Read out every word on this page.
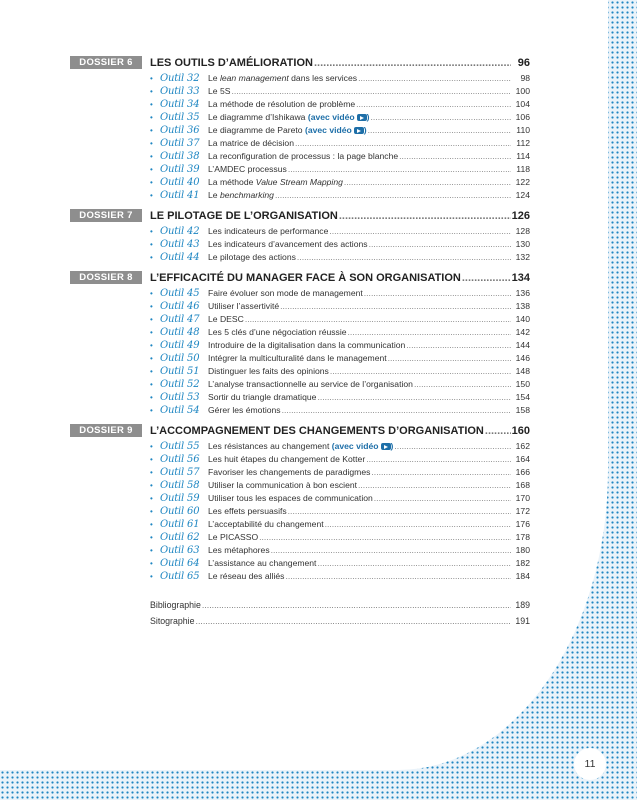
DOSSIER 6	LES OUTILS D’AMÉLIORATION .....	96
• Outil 32	Le lean management dans les services .....	98
• Outil 33	Le 5S .....	100
• Outil 34	La méthode de résolution de problème .....	104
• Outil 35	Le diagramme d’Ishikawa (avec vidéo ) .....	106
• Outil 36	Le diagramme de Pareto (avec vidéo ) .....	110
• Outil 37	La matrice de décision .....	112
• Outil 38	La reconfiguration de processus : la page blanche .....	114
• Outil 39	L’AMDEC processus .....	118
• Outil 40	La méthode Value Stream Mapping .....	122
• Outil 41	Le benchmarking .....	124
DOSSIER 7	LE PILOTAGE DE L’ORGANISATION .....	126
• Outil 42	Les indicateurs de performance .....	128
• Outil 43	Les indicateurs d’avancement des actions .....	130
• Outil 44	Le pilotage des actions .....	132
DOSSIER 8	L’EFFICACITÉ DU MANAGER FACE À SON ORGANISATION .....	134
• Outil 45	Faire évoluer son mode de management .....	136
• Outil 46	Utiliser l’assertivité .....	138
• Outil 47	Le DESC .....	140
• Outil 48	Les 5 clés d’une négociation réussie .....	142
• Outil 49	Introduire de la digitalisation dans la communication .....	144
• Outil 50	Intégrer la multiculturalité dans le management .....	146
• Outil 51	Distinguer les faits des opinions .....	148
• Outil 52	L’analyse transactionnelle au service de l’organisation .....	150
• Outil 53	Sortir du triangle dramatique .....	154
• Outil 54	Gérer les émotions .....	158
DOSSIER 9	L’ACCOMPAGNEMENT DES CHANGEMENTS D’ORGANISATION .....	160
• Outil 55	Les résistances au changement (avec vidéo ) .....	162
• Outil 56	Les huit étapes du changement de Kotter .....	164
• Outil 57	Favoriser les changements de paradigmes .....	166
• Outil 58	Utiliser la communication à bon escient .....	168
• Outil 59	Utiliser tous les espaces de communication .....	170
• Outil 60	Les effets persuasifs .....	172
• Outil 61	L’acceptabilité du changement .....	176
• Outil 62	Le PICASSO .....	178
• Outil 63	Les métaphores .....	180
• Outil 64	L’assistance au changement .....	182
• Outil 65	Le réseau des alliés .....	184
Bibliographie .....	189
Sitographie .....	191
11
